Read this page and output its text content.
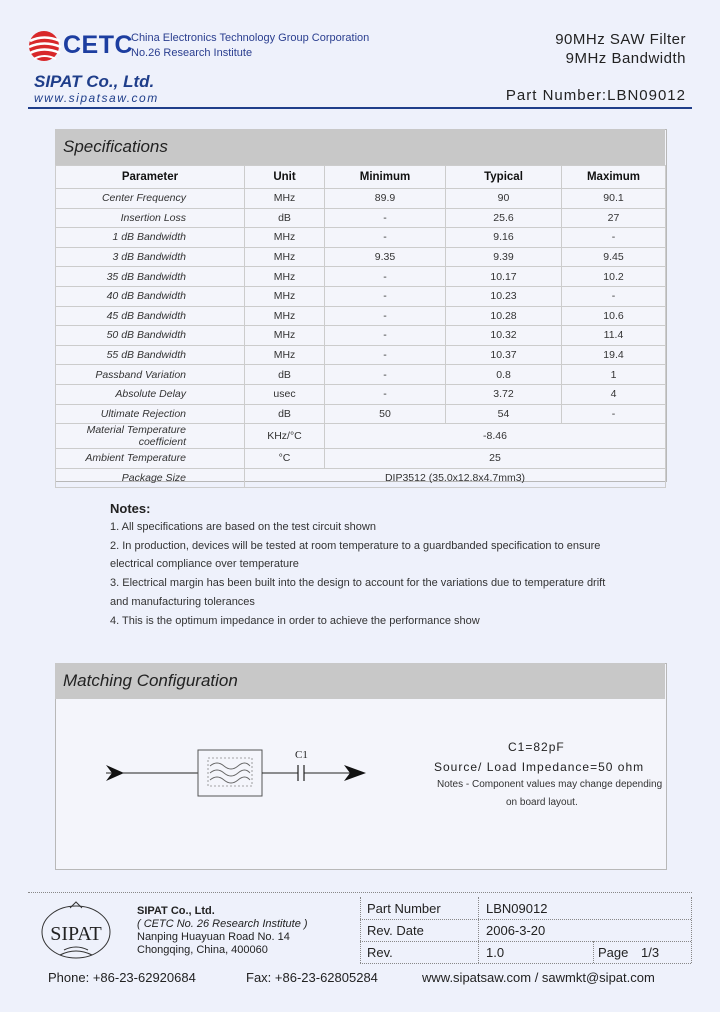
CETC
China Electronics Technology Group Corporation
No.26 Research Institute
SIPAT Co., Ltd.
www.sipatsaw.com
90MHz SAW Filter
9MHz Bandwidth
Part Number:LBN09012
Specifications
Parameter	Unit	Minimum	Typical	Maximum
Center Frequency	MHz	89.9	90	90.1
Insertion Loss	dB	-	25.6	27
1 dB Bandwidth	MHz	-	9.16	-
3 dB Bandwidth	MHz	9.35	9.39	9.45
35 dB Bandwidth	MHz	-	10.17	10.2
40 dB Bandwidth	MHz	-	10.23	-
45 dB Bandwidth	MHz	-	10.28	10.6
50 dB Bandwidth	MHz	-	10.32	11.4
55 dB Bandwidth	MHz	-	10.37	19.4
Passband Variation	dB	-	0.8	1
Absolute Delay	usec	-	3.72	4
Ultimate Rejection	dB	50	54	-
Material Temperature coefficient	KHz/°C	-8.46		
Ambient Temperature	°C	25		
Package Size	DIP3512 (35.0x12.8x4.7mm3)			
Notes:
1. All specifications are based on the test circuit shown
2. In production, devices will be tested at room temperature to a guardbanded specification to ensure
electrical compliance over temperature
3. Electrical margin has been built into the design to account for the variations due to temperature drift
and manufacturing tolerances
4. This is the optimum impedance in order to achieve the performance show
Matching Configuration
C1
C1=82pF
Source/ Load Impedance=50 ohm
Notes - Component values may change depending
on board layout.
SIPAT
SIPAT Co., Ltd.
( CETC No. 26 Research Institute )
Nanping Huayuan Road No. 14
Chongqing, China, 400060
Part Number	LBN09012
Rev. Date	2006-3-20
Rev.	1.0	Page 1/3
Phone: +86-23-62920684	Fax: +86-23-62805284	www.sipatsaw.com / sawmkt@sipat.com
